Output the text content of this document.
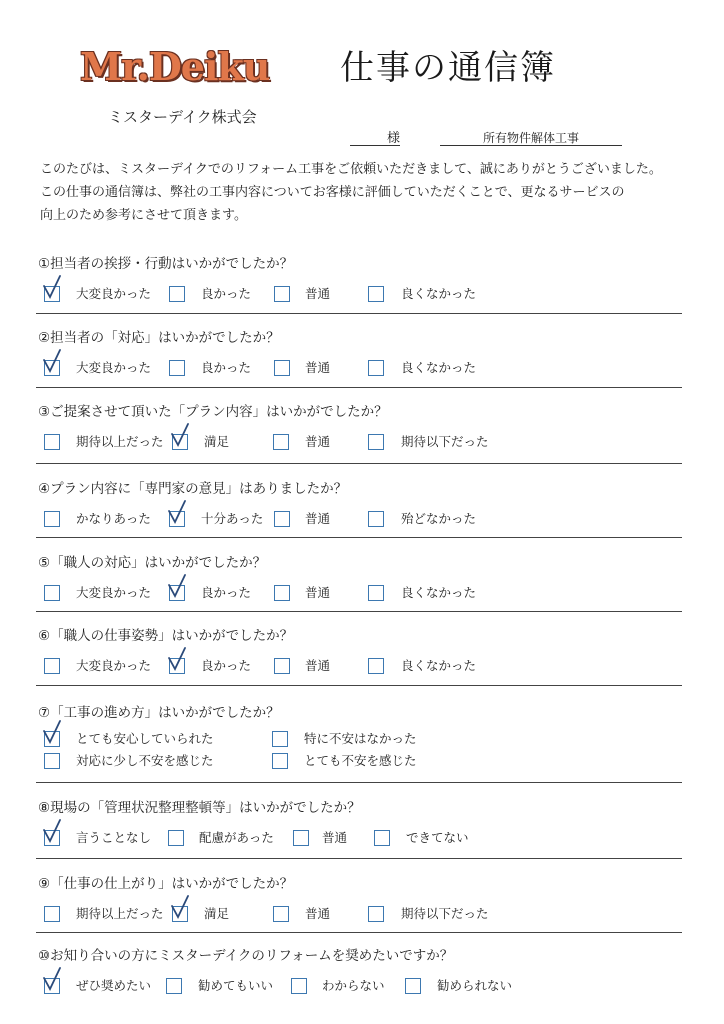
Mr.Deiku	仕事の通信簿
ミスターデイク株式会
様	所有物件解体工事

このたびは、ミスターデイクでのリフォーム工事をご依頼いただきまして、誠にありがとうございました。

この仕事の通信簿は、弊社の工事内容についてお客様に評価していただくことで、更なるサービスの

向上のため参考にさせて頂きます。

①担当者の挨拶・行動はいかがでしたか？
大変良かった	良かった	普通	良くなかった
②担当者の「対応」はいかがでしたか？
大変良かった	良かった	普通	良くなかった
③ご提案させて頂いた「プラン内容」はいかがでしたか？
期待以上だった	満足	普通	期待以下だった
④プラン内容に「専門家の意見」はありましたか？
かなりあった	十分あった	普通	殆どなかった
⑤「職人の対応」はいかがでしたか？
大変良かった	良かった	普通	良くなかった
⑥「職人の仕事姿勢」はいかがでしたか？
大変良かった	良かった	普通	良くなかった
⑦「工事の進め方」はいかがでしたか？
とても安心していられた	特に不安はなかった
対応に少し不安を感じた	とても不安を感じた
⑧現場の「管理状況整理整頓等」はいかがでしたか？
言うことなし	配慮があった	普通	できてない
⑨「仕事の仕上がり」はいかがでしたか？
期待以上だった	満足	普通	期待以下だった
⑩お知り合いの方にミスターデイクのリフォームを奨めたいですか？
ぜひ奨めたい	勧めてもいい	わからない	勧められない
